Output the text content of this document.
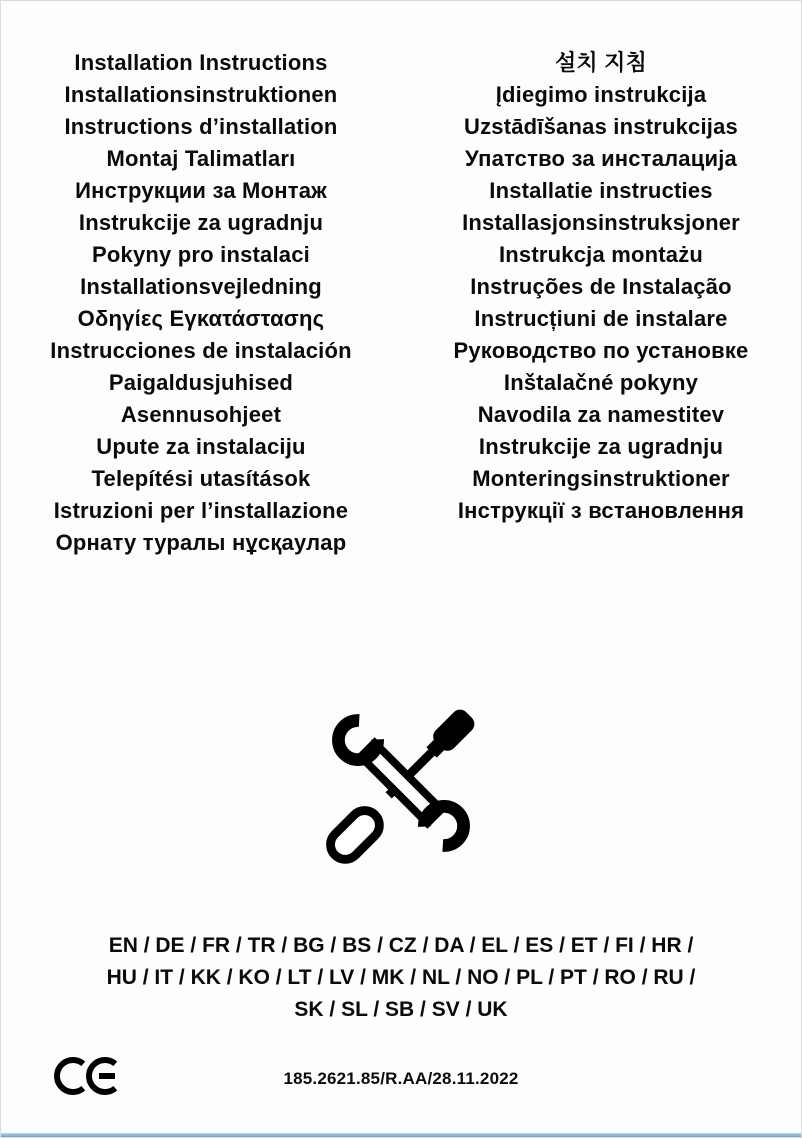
Installation Instructions
Installationsinstruktionen
Instructions d’installation
Montaj Talimatları
Инструкции за Монтаж
Instrukcije za ugradnju
Pokyny pro instalaci
Installationsvejledning
Οδηγίες Εγκατάστασης
Instrucciones de instalación
Paigaldusjuhised
Asennusohjeet
Upute za instalaciju
Telepítési utasítások
Istruzioni per l’installazione
Орнату туралы нұсқаулар
설치 지침
Įdiegimo instrukcija
Uzstādīšanas instrukcijas
Упатство за инсталација
Installatie instructies
Installasjonsinstruksjoner
Instrukcja montażu
Instruções de Instalação
Instrucțiuni de instalare
Руководство по установке
Inštalačné pokyny
Navodila za namestitev
Instrukcije za ugradnju
Monteringsinstruktioner
Інструкції з встановлення
EN / DE / FR / TR / BG / BS / CZ / DA / EL / ES / ET / FI / HR /
HU / IT / KK / KO / LT / LV / MK / NL / NO / PL / PT / RO / RU /
SK / SL / SB / SV / UK
185.2621.85/R.AA/28.11.2022
